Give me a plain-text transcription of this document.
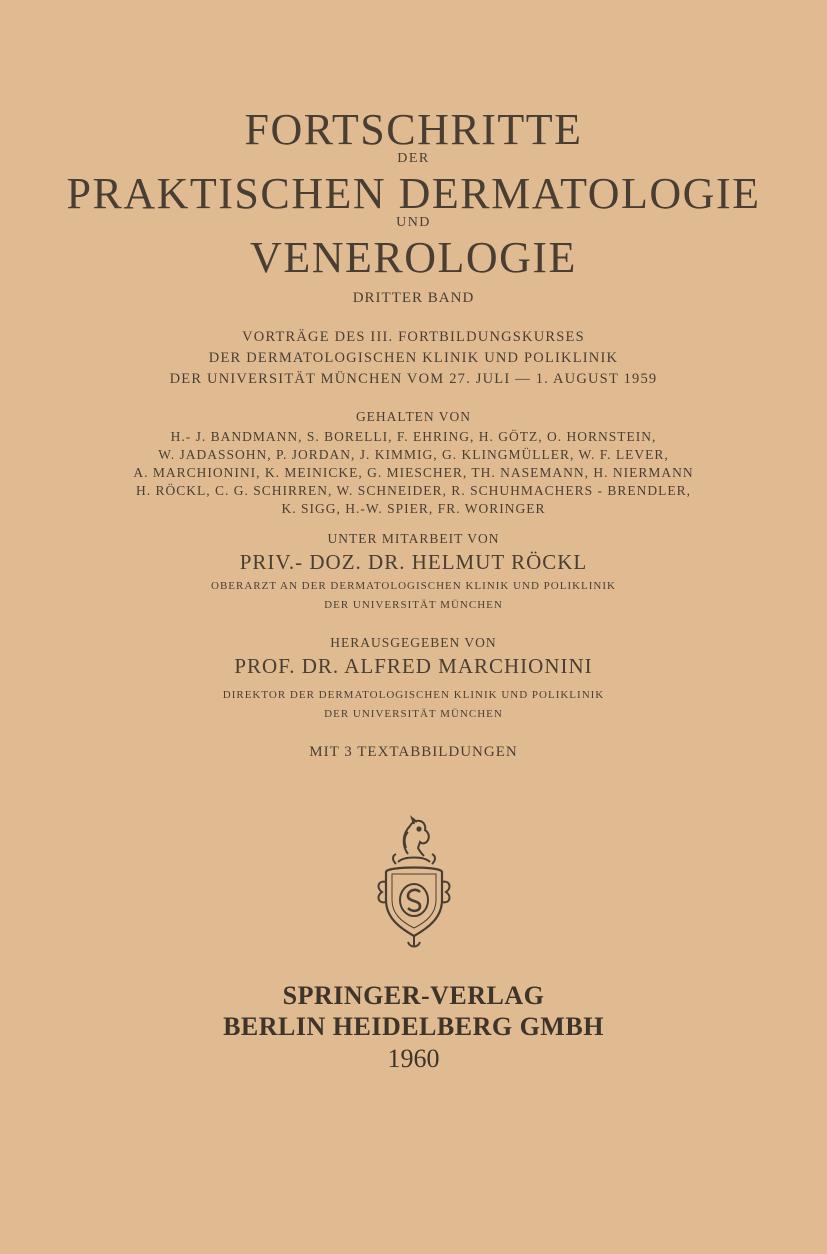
FORTSCHRITTE

DER

PRAKTISCHEN DERMATOLOGIE

UND

VENEROLOGIE

DRITTER BAND

VORTRÄGE DES III. FORTBILDUNGSKURSES

DER DERMATOLOGISCHEN KLINIK UND POLIKLINIK

DER UNIVERSITÄT MÜNCHEN VOM 27. JULI — 1. AUGUST 1959

GEHALTEN VON

H.- J. BANDMANN, S. BORELLI, F. EHRING, H. GÖTZ, O. HORNSTEIN,

W. JADASSOHN, P. JORDAN, J. KIMMIG, G. KLINGMÜLLER, W. F. LEVER,

A. MARCHIONINI, K. MEINICKE, G. MIESCHER, TH. NASEMANN, H. NIERMANN

H. RÖCKL, C. G. SCHIRREN, W. SCHNEIDER, R. SCHUHMACHERS - BRENDLER,

K. SIGG, H.-W. SPIER, FR. WORINGER

UNTER MITARBEIT VON

PRIV.- DOZ. DR. HELMUT RÖCKL

OBERARZT AN DER DERMATOLOGISCHEN KLINIK UND POLIKLINIK

DER UNIVERSITÄT MÜNCHEN

HERAUSGEGEBEN VON

PROF. DR. ALFRED MARCHIONINI

DIREKTOR DER DERMATOLOGISCHEN KLINIK UND POLIKLINIK

DER UNIVERSITÄT MÜNCHEN

MIT 3 TEXTABBILDUNGEN

SPRINGER-VERLAG

BERLIN HEIDELBERG GMBH

1960
